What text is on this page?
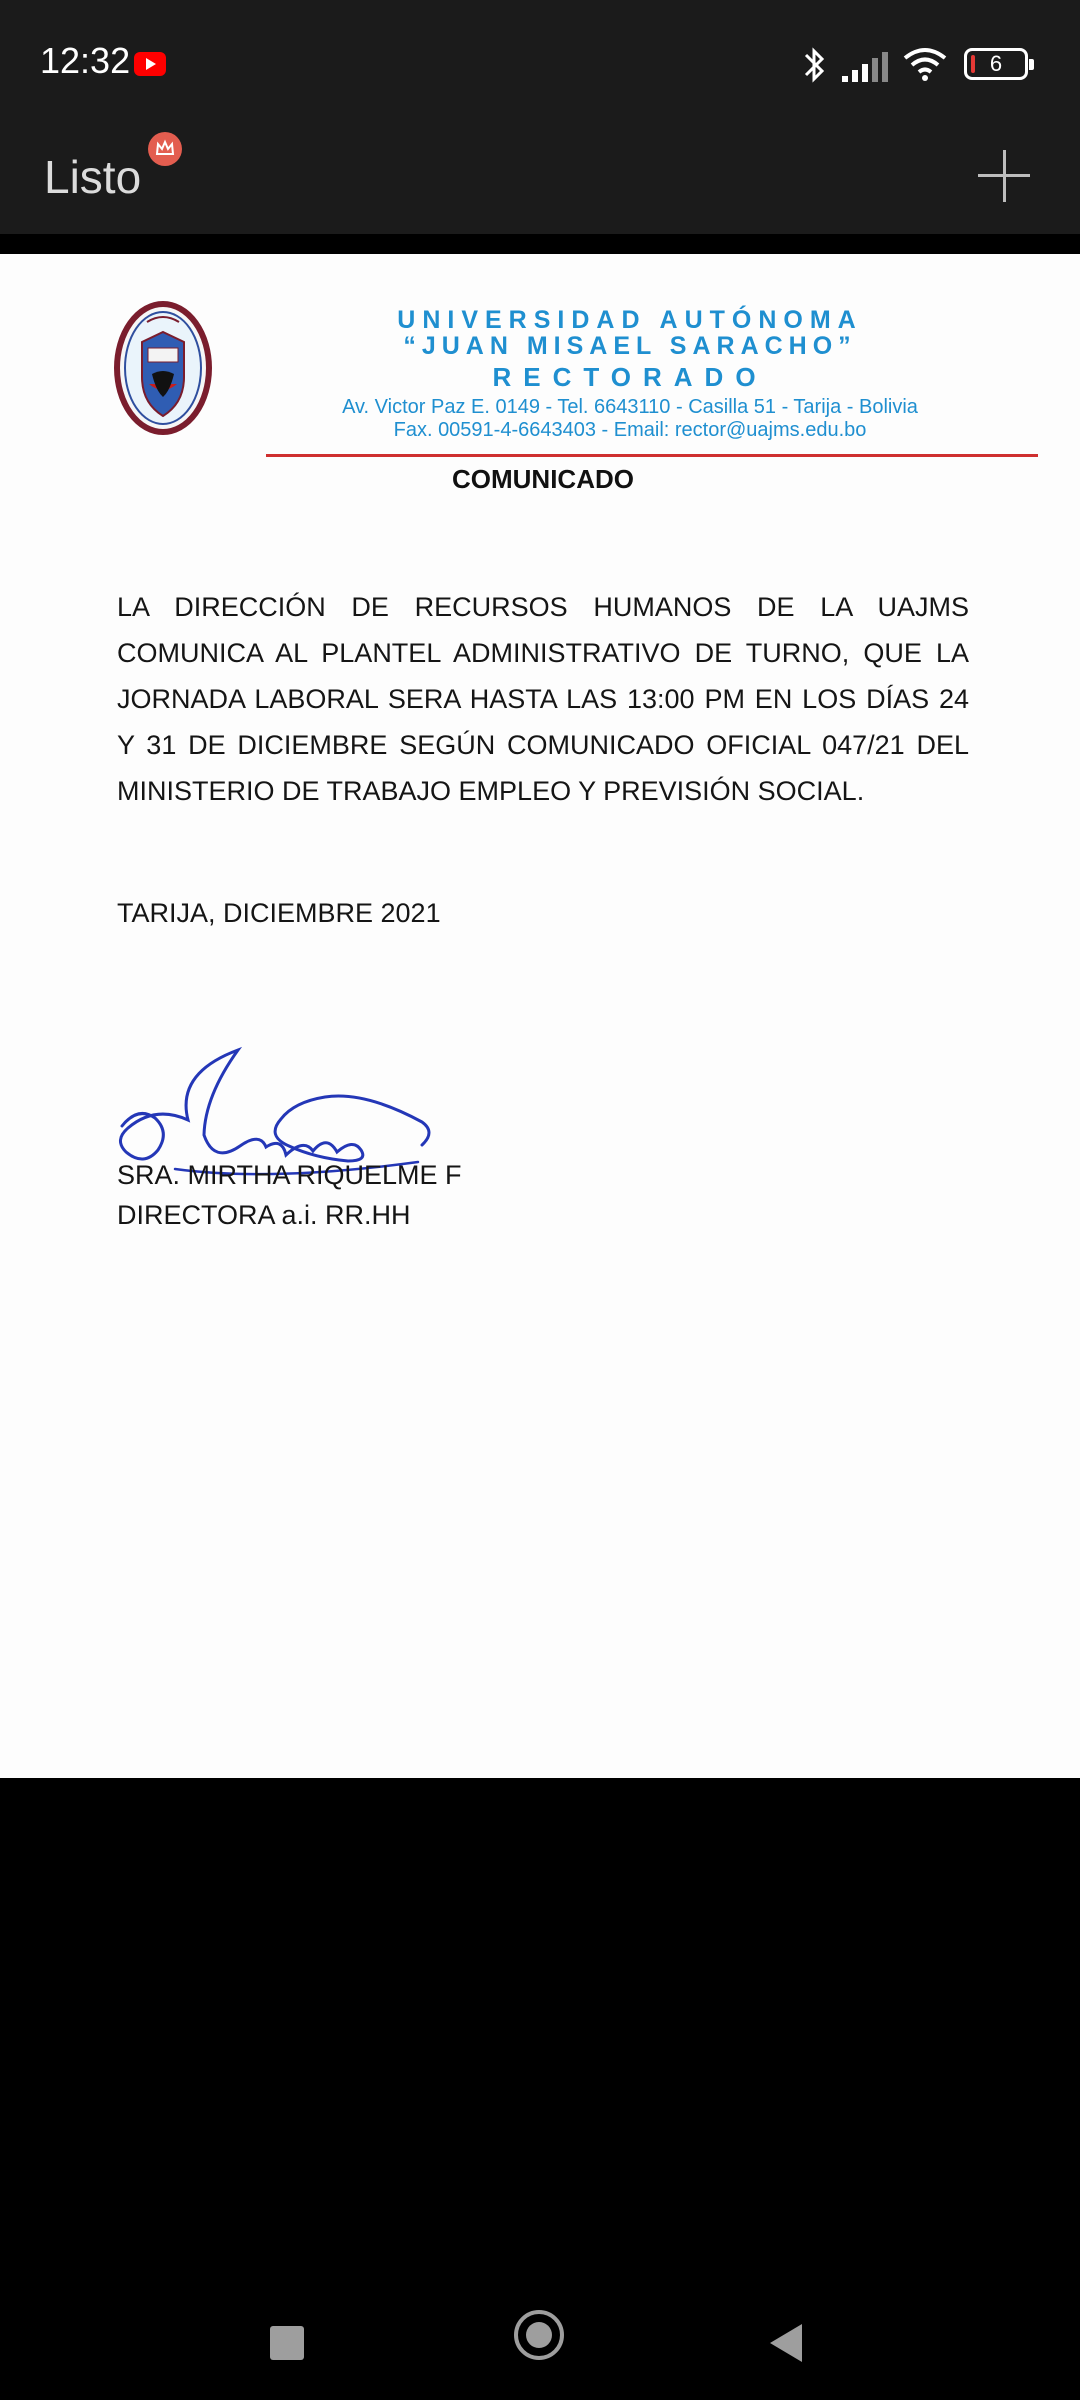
12:32	6
Listo
UNIVERSIDAD AUTÓNOMA
“JUAN MISAEL SARACHO”
RECTORADO
Av. Victor Paz E. 0149 - Tel. 6643110 - Casilla 51 - Tarija - Bolivia
Fax. 00591-4-6643403 - Email: rector@uajms.edu.bo
COMUNICADO
LA DIRECCIÓN DE RECURSOS HUMANOS DE LA UAJMS COMUNICA AL PLANTEL ADMINISTRATIVO DE TURNO, QUE LA JORNADA LABORAL SERA HASTA LAS 13:00 PM EN LOS DÍAS 24 Y 31 DE DICIEMBRE SEGÚN COMUNICADO OFICIAL 047/21 DEL MINISTERIO DE TRABAJO EMPLEO Y PREVISIÓN SOCIAL.
TARIJA, DICIEMBRE 2021
SRA. MIRTHA RIQUELME F
DIRECTORA a.i. RR.HH
